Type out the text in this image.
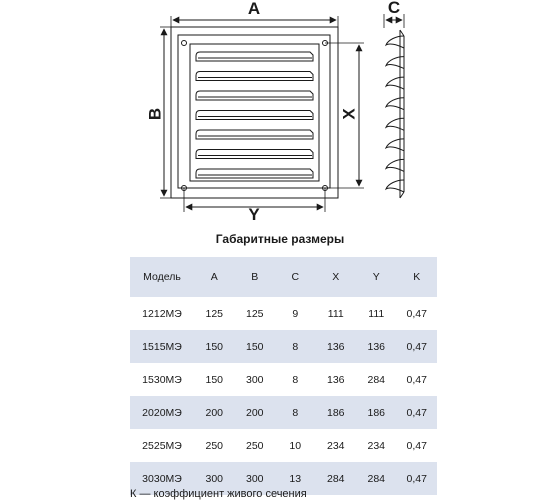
A
B	X
Y
C
Габаритные размеры
Модель	A	B	C	X	Y	K
1212МЭ	125	125	9	111	111	0,47
1515МЭ	150	150	8	136	136	0,47
1530МЭ	150	300	8	136	284	0,47
2020МЭ	200	200	8	186	186	0,47
2525МЭ	250	250	10	234	234	0,47
3030МЭ	300	300	13	284	284	0,47
К — коэффициент живого сечения
